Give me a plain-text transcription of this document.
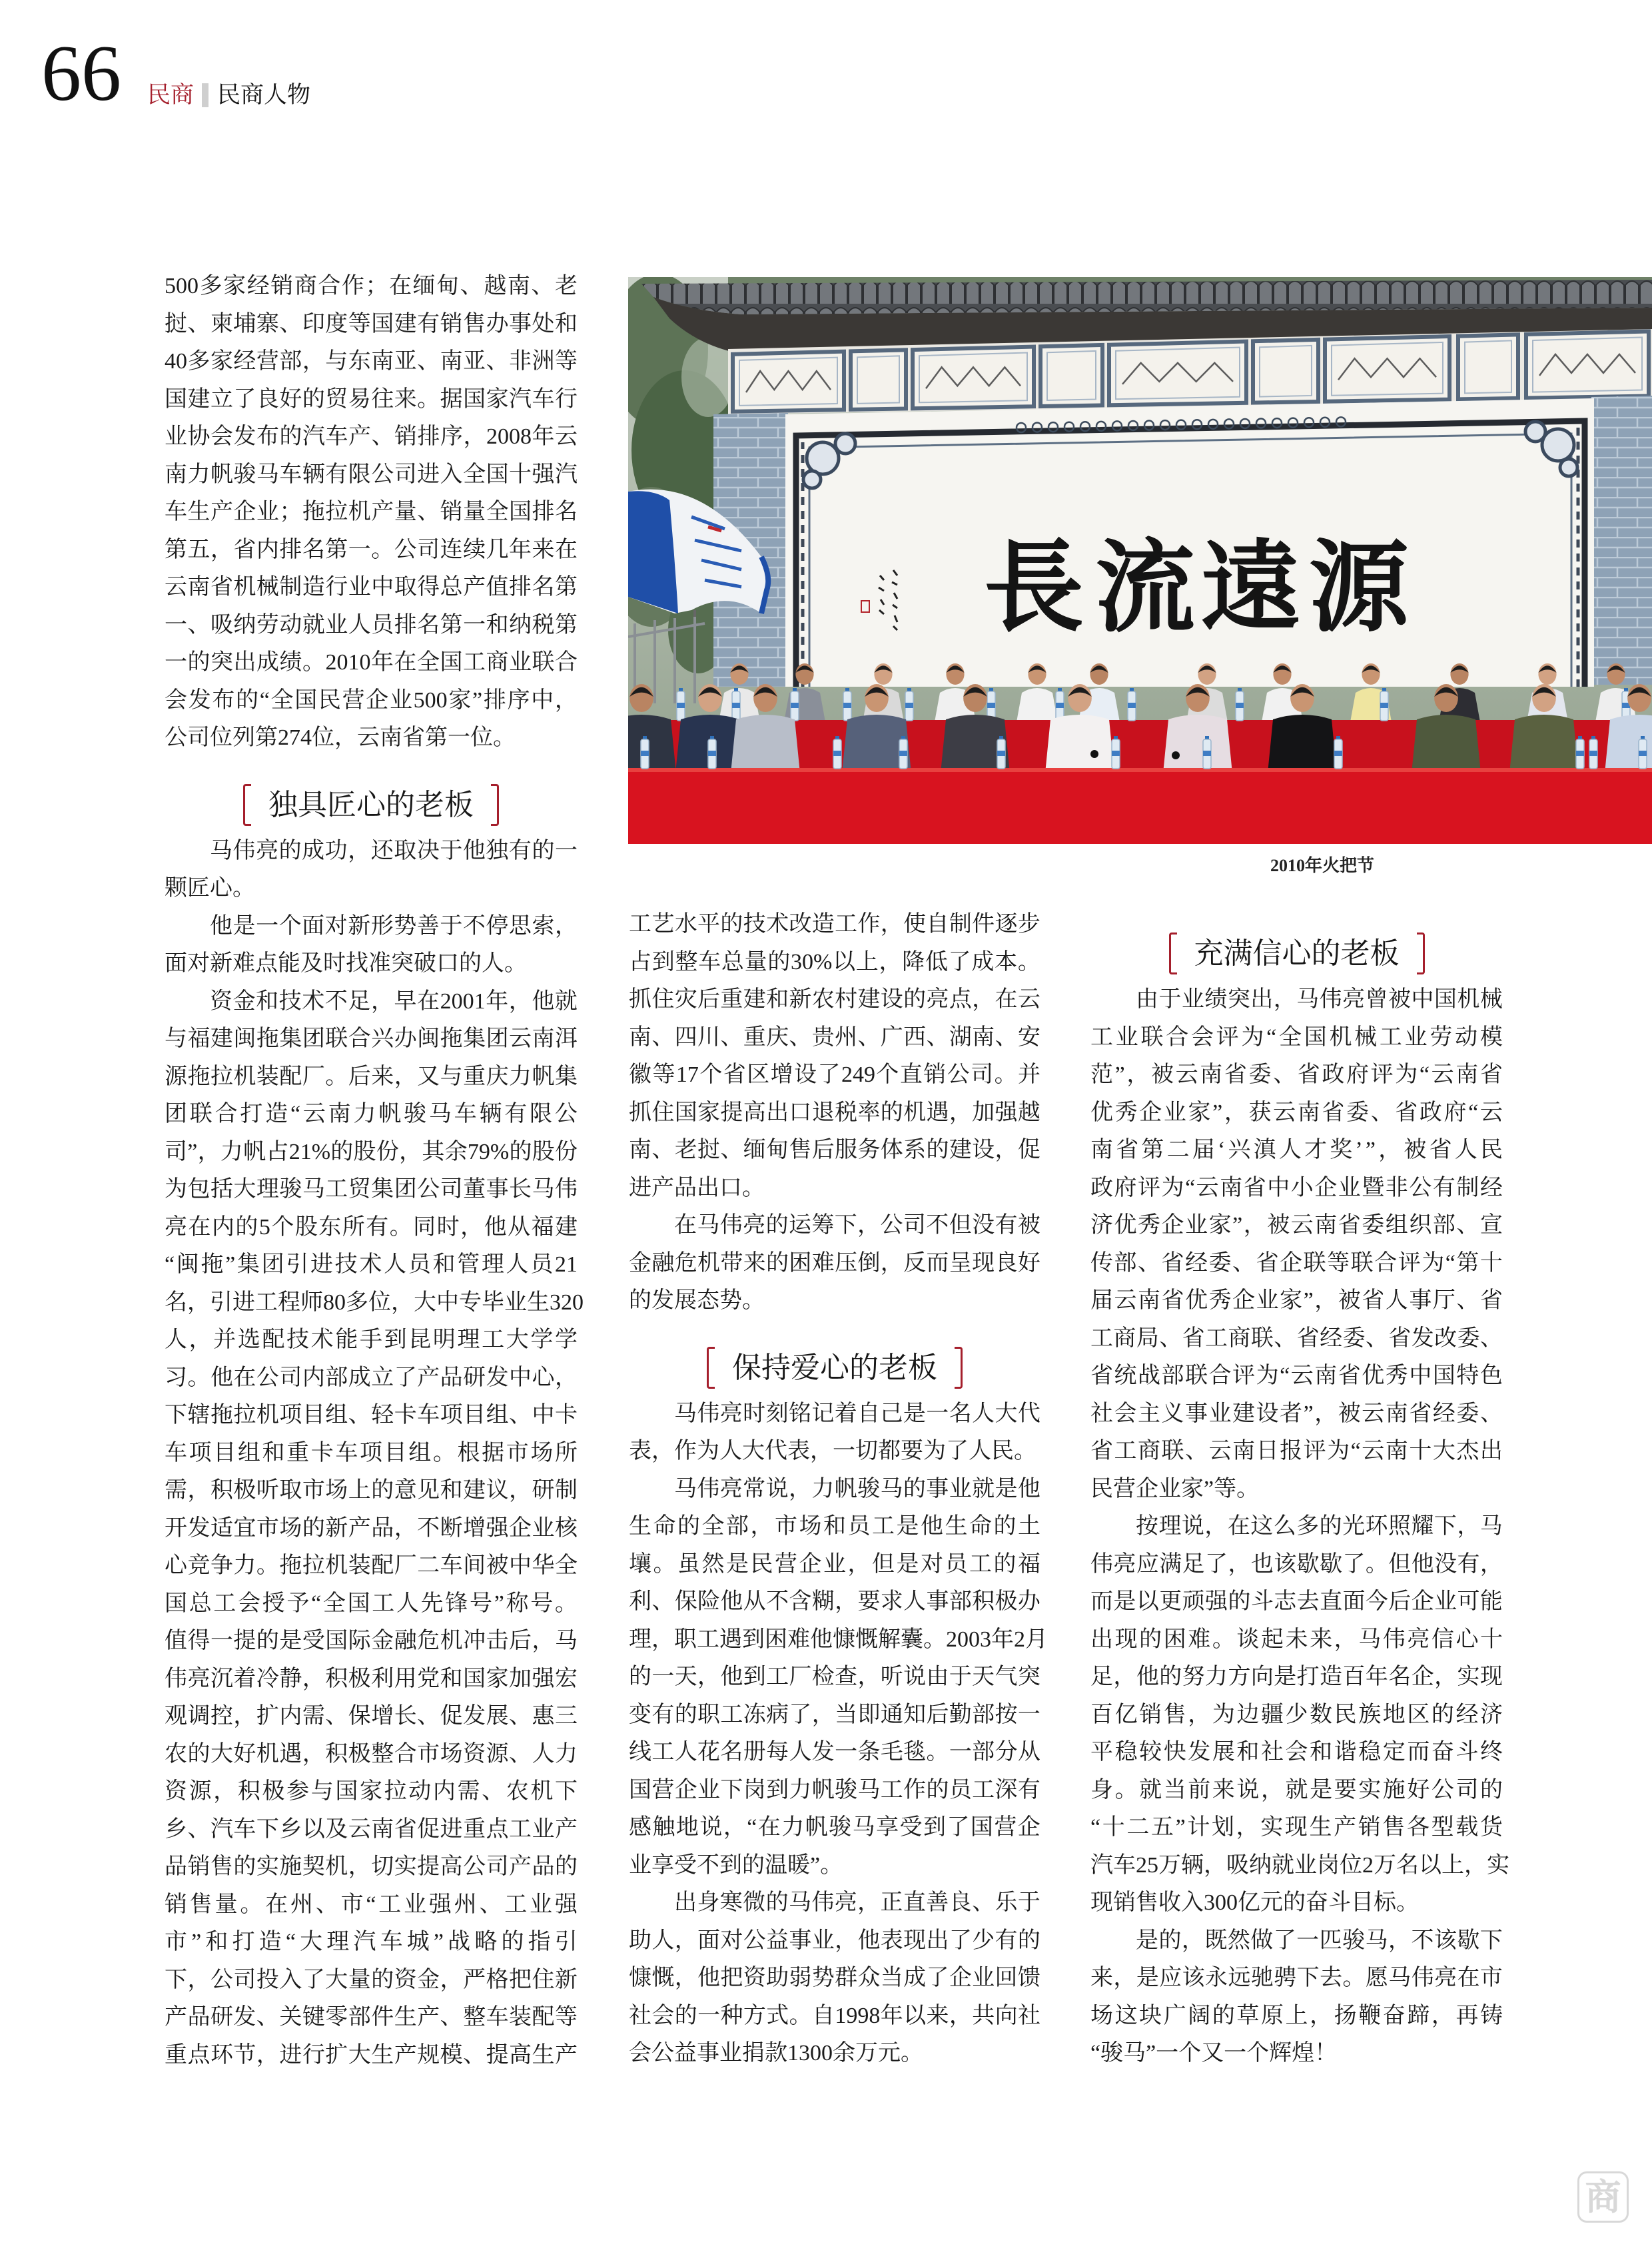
66 民商 民商人物
500 多 家 经 销 商 合 作 ； 在 缅 甸 、 越 南 、 老
挝 、 柬 埔 寨 、 印 度 等 国 建 有 销 售 办 事 处 和
40 多 家 经 营 部 ， 与 东 南 亚 、 南 亚 、 非 洲 等
国 建 立 了 良 好 的 贸 易 往 来 。 据 国 家 汽 车 行
业 协 会 发 布 的 汽 车 产 、 销 排 序 ， 2008 年 云
南 力 帆 骏 马 车 辆 有 限 公 司 进 入 全 国 十 强 汽
车 生 产 企 业 ； 拖 拉 机 产 量 、 销 量 全 国 排 名
第 五 ， 省 内 排 名 第 一 。 公 司 连 续 几 年 来 在
云 南 省 机 械 制 造 行 业 中 取 得 总 产 值 排 名 第
一 、 吸 纳 劳 动 就 业 人 员 排 名 第 一 和 纳 税 第
一 的 突 出 成 绩 。 2010 年 在 全 国 工 商 业 联 合
会 发 布 的 “ 全 国 民 营 企 业 500 家 ” 排 序 中 ，
公司位列第274位，云南省第一位。
独具匠心的老板
马 伟 亮 的 成 功 ， 还 取 决 于 他 独 有 的 一
颗匠心。
他 是 一 个 面 对 新 形 势 善 于 不 停 思 索 ，
面对新难点能及时找准突破口的人。
资 金 和 技 术 不 足 ， 早 在 2001 年 ， 他 就
与 福 建 闽 拖 集 团 联 合 兴 办 闽 拖 集 团 云 南 洱
源 拖 拉 机 装 配 厂 。 后 来 ， 又 与 重 庆 力 帆 集
团 联 合 打 造 “ 云 南 力 帆 骏 马 车 辆 有 限 公
司 ” ， 力 帆 占 21% 的 股 份 ， 其 余 79% 的 股 份
为 包 括 大 理 骏 马 工 贸 集 团 公 司 董 事 长 马 伟
亮 在 内 的 5 个 股 东 所 有 。 同 时 ， 他 从 福 建
“ 闽 拖 ” 集 团 引 进 技 术 人 员 和 管 理 人 员 21
名 ， 引 进 工 程 师 80 多 位 ， 大 中 专 毕 业 生 320
人 ， 并 选 配 技 术 能 手 到 昆 明 理 工 大 学 学
习 。 他 在 公 司 内 部 成 立 了 产 品 研 发 中 心 ，
下 辖 拖 拉 机 项 目 组 、 轻 卡 车 项 目 组 、 中 卡
车 项 目 组 和 重 卡 车 项 目 组 。 根 据 市 场 所
需 ， 积 极 听 取 市 场 上 的 意 见 和 建 议 ， 研 制
开 发 适 宜 市 场 的 新 产 品 ， 不 断 增 强 企 业 核
心 竞 争 力 。 拖 拉 机 装 配 厂 二 车 间 被 中 华 全
国 总 工 会 授 予 “ 全 国 工 人 先 锋 号 ” 称 号 。
值 得 一 提 的 是 受 国 际 金 融 危 机 冲 击 后 ， 马
伟 亮 沉 着 冷 静 ， 积 极 利 用 党 和 国 家 加 强 宏
观 调 控 ， 扩 内 需 、 保 增 长 、 促 发 展 、 惠 三
农 的 大 好 机 遇 ， 积 极 整 合 市 场 资 源 、 人 力
资 源 ， 积 极 参 与 国 家 拉 动 内 需 、 农 机 下
乡 、 汽 车 下 乡 以 及 云 南 省 促 进 重 点 工 业 产
品 销 售 的 实 施 契 机 ， 切 实 提 高 公 司 产 品 的
销 售 量 。 在 州 、 市 “ 工 业 强 州 、 工 业 强
市 ” 和 打 造 “ 大 理 汽 车 城 ” 战 略 的 指 引
下 ， 公 司 投 入 了 大 量 的 资 金 ， 严 格 把 住 新
产 品 研 发 、 关 键 零 部 件 生 产 、 整 车 装 配 等
重 点 环 节 ， 进 行 扩 大 生 产 规 模 、 提 高 生 产
工 艺 水 平 的 技 术 改 造 工 作 ， 使 自 制 件 逐 步
占 到 整 车 总 量 的 30% 以 上 ， 降 低 了 成 本 。
抓 住 灾 后 重 建 和 新 农 村 建 设 的 亮 点 ， 在 云
南 、 四 川 、 重 庆 、 贵 州 、 广 西 、 湖 南 、 安
徽 等 17 个 省 区 增 设 了 249 个 直 销 公 司 。 并
抓 住 国 家 提 高 出 口 退 税 率 的 机 遇 ， 加 强 越
南 、 老 挝 、 缅 甸 售 后 服 务 体 系 的 建 设 ， 促
进产品出口。
在 马 伟 亮 的 运 筹 下 ， 公 司 不 但 没 有 被
金 融 危 机 带 来 的 困 难 压 倒 ， 反 而 呈 现 良 好
的发展态势。
保持爱心的老板
马 伟 亮 时 刻 铭 记 着 自 己 是 一 名 人 大 代
表，作为人大代表，一切都要为了人民。
马 伟 亮 常 说 ， 力 帆 骏 马 的 事 业 就 是 他
生 命 的 全 部 ， 市 场 和 员 工 是 他 生 命 的 土
壤 。 虽 然 是 民 营 企 业 ， 但 是 对 员 工 的 福
利 、 保 险 他 从 不 含 糊 ， 要 求 人 事 部 积 极 办
理 ， 职 工 遇 到 困 难 他 慷 慨 解 囊 。 2003 年 2 月
的 一 天 ， 他 到 工 厂 检 查 ， 听 说 由 于 天 气 突
变 有 的 职 工 冻 病 了 ， 当 即 通 知 后 勤 部 按 一
线 工 人 花 名 册 每 人 发 一 条 毛 毯 。 一 部 分 从
国 营 企 业 下 岗 到 力 帆 骏 马 工 作 的 员 工 深 有
感 触 地 说 ， “ 在 力 帆 骏 马 享 受 到 了 国 营 企
业享受不到的温暖”。
出 身 寒 微 的 马 伟 亮 ， 正 直 善 良 、 乐 于
助 人 ， 面 对 公 益 事 业 ， 他 表 现 出 了 少 有 的
慷 慨 ， 他 把 资 助 弱 势 群 众 当 成 了 企 业 回 馈
社 会 的 一 种 方 式 。 自 1998 年 以 来 ， 共 向 社
会公益事业捐款1300余万元。
充满信心的老板
由 于 业 绩 突 出 ， 马 伟 亮 曾 被 中 国 机 械
工 业 联 合 会 评 为 “ 全 国 机 械 工 业 劳 动 模
范 ” ， 被 云 南 省 委 、 省 政 府 评 为 “ 云 南 省
优 秀 企 业 家 ” ， 获 云 南 省 委 、 省 政 府 “ 云
南 省 第 二 届 ‘ 兴 滇 人 才 奖 ’ ” ， 被 省 人 民
政 府 评 为 “ 云 南 省 中 小 企 业 暨 非 公 有 制 经
济 优 秀 企 业 家 ” ， 被 云 南 省 委 组 织 部 、 宣
传 部 、 省 经 委 、 省 企 联 等 联 合 评 为 “ 第 十
届 云 南 省 优 秀 企 业 家 ” ， 被 省 人 事 厅 、 省
工 商 局 、 省 工 商 联 、 省 经 委 、 省 发 改 委 、
省 统 战 部 联 合 评 为 “ 云 南 省 优 秀 中 国 特 色
社 会 主 义 事 业 建 设 者 ” ， 被 云 南 省 经 委 、
省 工 商 联 、 云 南 日 报 评 为 “ 云 南 十 大 杰 出
民营企业家”等。
按 理 说 ， 在 这 么 多 的 光 环 照 耀 下 ， 马
伟 亮 应 满 足 了 ， 也 该 歇 歇 了 。 但 他 没 有 ，
而 是 以 更 顽 强 的 斗 志 去 直 面 今 后 企 业 可 能
出 现 的 困 难 。 谈 起 未 来 ， 马 伟 亮 信 心 十
足 ， 他 的 努 力 方 向 是 打 造 百 年 名 企 ， 实 现
百 亿 销 售 ， 为 边 疆 少 数 民 族 地 区 的 经 济
平 稳 较 快 发 展 和 社 会 和 谐 稳 定 而 奋 斗 终
身 。 就 当 前 来 说 ， 就 是 要 实 施 好 公 司 的
“ 十 二 五 ” 计 划 ， 实 现 生 产 销 售 各 型 载 货
汽 车 25 万 辆 ， 吸 纳 就 业 岗 位 2 万 名 以 上 ， 实
现销售收入300亿元的奋斗目标。
是 的 ， 既 然 做 了 一 匹 骏 马 ， 不 该 歇 下
来 ， 是 应 该 永 远 驰 骋 下 去 。 愿 马 伟 亮 在 市
场 这 块 广 阔 的 草 原 上 ， 扬 鞭 奋 蹄 ， 再 铸
“骏马”一个又一个辉煌！
長 流 遠 源
2010年火把节
商
